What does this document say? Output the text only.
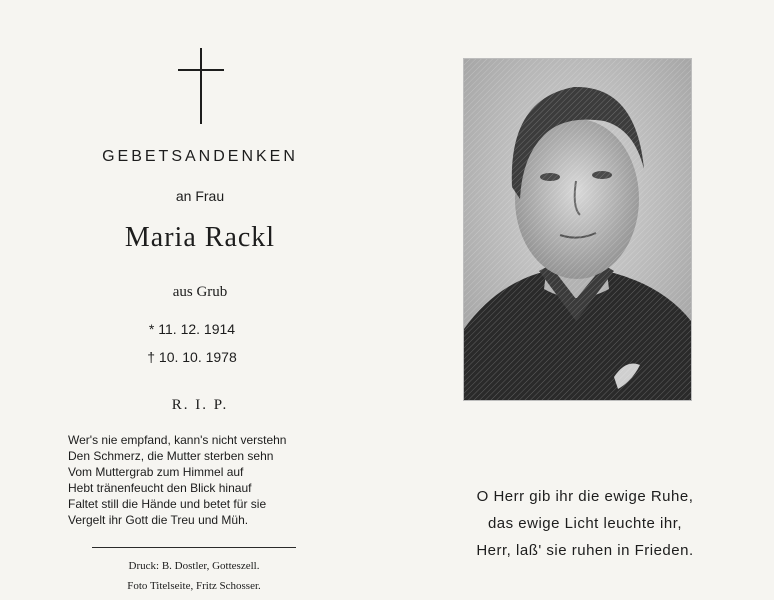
GEBETSANDENKEN
an Frau
Maria Rackl
aus Grub
* 11. 12. 1914
† 10. 10. 1978
R. I. P.
Wer's nie empfand, kann's nicht verstehn
Den Schmerz, die Mutter sterben sehn
Vom Muttergrab zum Himmel auf
Hebt tränenfeucht den Blick hinauf
Faltet still die Hände und betet für sie
Vergelt ihr Gott die Treu und Müh.
Druck: B. Dostler, Gotteszell.
Foto Titelseite, Fritz Schosser.
O Herr gib ihr die ewige Ruhe,
das ewige Licht leuchte ihr,
Herr, laß' sie ruhen in Frieden.
